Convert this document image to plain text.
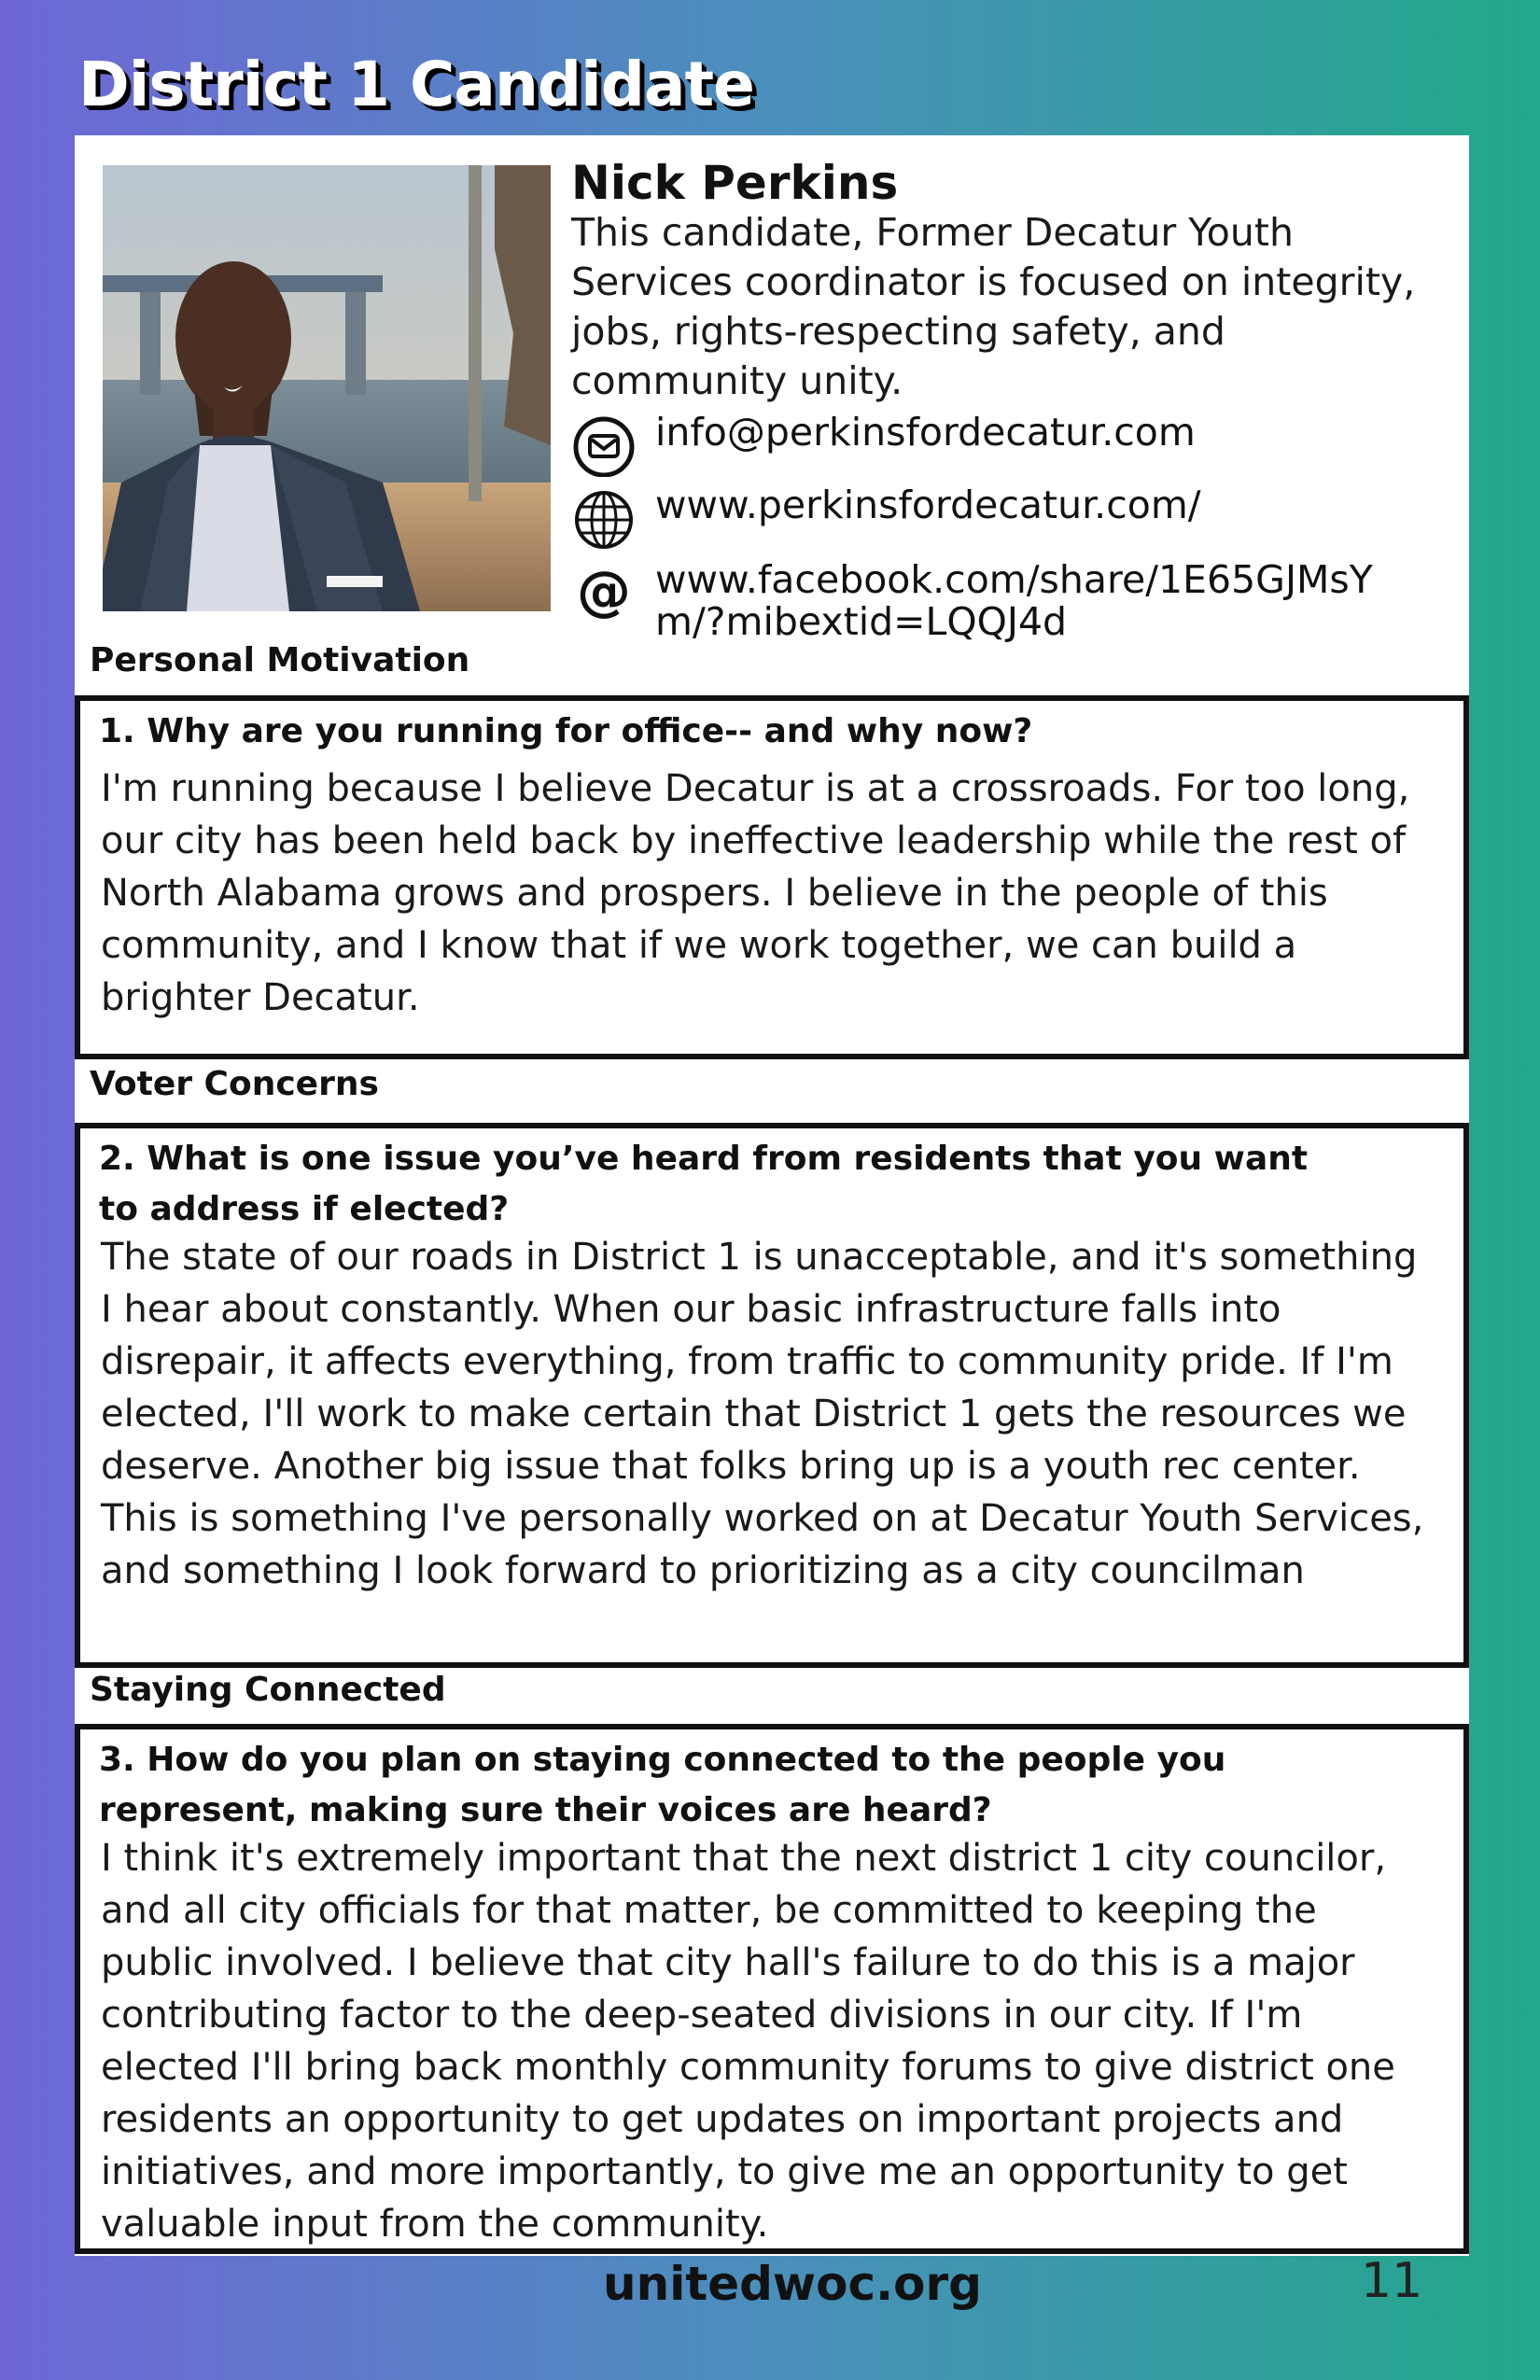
District 1 Candidate
Nick Perkins

This candidate, Former Decatur Youth Services coordinator is focused on integrity, jobs, rights-respecting safety, and community unity.

info@perkinsfordecatur.com
www.perkinsfordecatur.com/
@ www.facebook.com/share/1E65GJMsYm/?mibextid=LQQJ4d
Personal Motivation

1. Why are you running for office-- and why now?

I'm running because I believe Decatur is at a crossroads. For too long, our city has been held back by ineffective leadership while the rest of North Alabama grows and prospers. I believe in the people of this community, and I know that if we work together, we can build a brighter Decatur.

Voter Concerns

2. What is one issue you’ve heard from residents that you want to address if elected?

The state of our roads in District 1 is unacceptable, and it's something I hear about constantly. When our basic infrastructure falls into disrepair, it affects everything, from traffic to community pride. If I'm elected, I'll work to make certain that District 1 gets the resources we deserve. Another big issue that folks bring up is a youth rec center. This is something I've personally worked on at Decatur Youth Services, and something I look forward to prioritizing as a city councilman

Staying Connected

3. How do you plan on staying connected to the people you represent, making sure their voices are heard?

I think it's extremely important that the next district 1 city councilor, and all city officials for that matter, be committed to keeping the public involved. I believe that city hall's failure to do this is a major contributing factor to the deep-seated divisions in our city. If I'm elected I'll bring back monthly community forums to give district one residents an opportunity to get updates on important projects and initiatives, and more importantly, to give me an opportunity to get valuable input from the community.

unitedwoc.org	11
